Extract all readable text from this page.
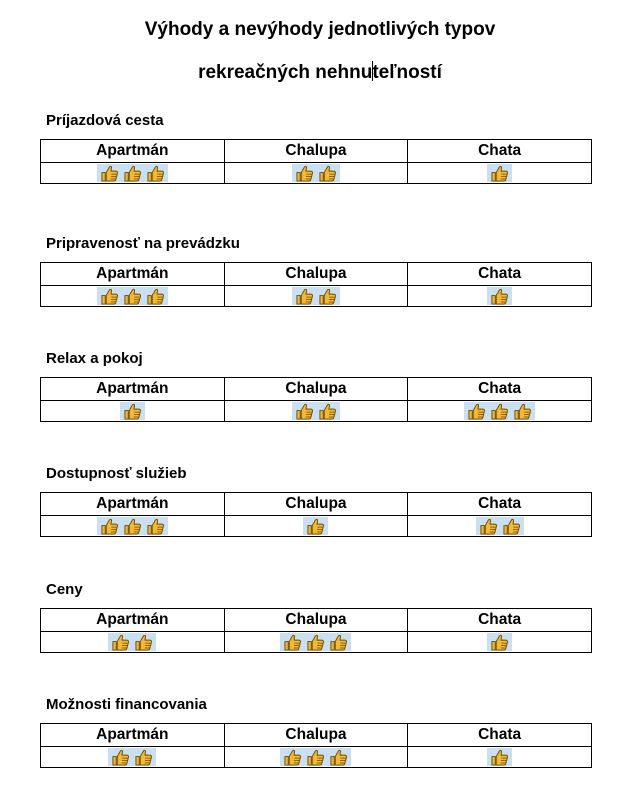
Výhody a nevýhody jednotlivých typov
rekreačných nehnuteľností
Príjazdová cesta
Apartmán	Chalupa	Chata

Pripravenosť na prevádzku
Apartmán	Chalupa	Chata

Relax a pokoj
Apartmán	Chalupa	Chata

Dostupnosť služieb
Apartmán	Chalupa	Chata

Ceny
Apartmán	Chalupa	Chata

Možnosti financovania
Apartmán	Chalupa	Chata
